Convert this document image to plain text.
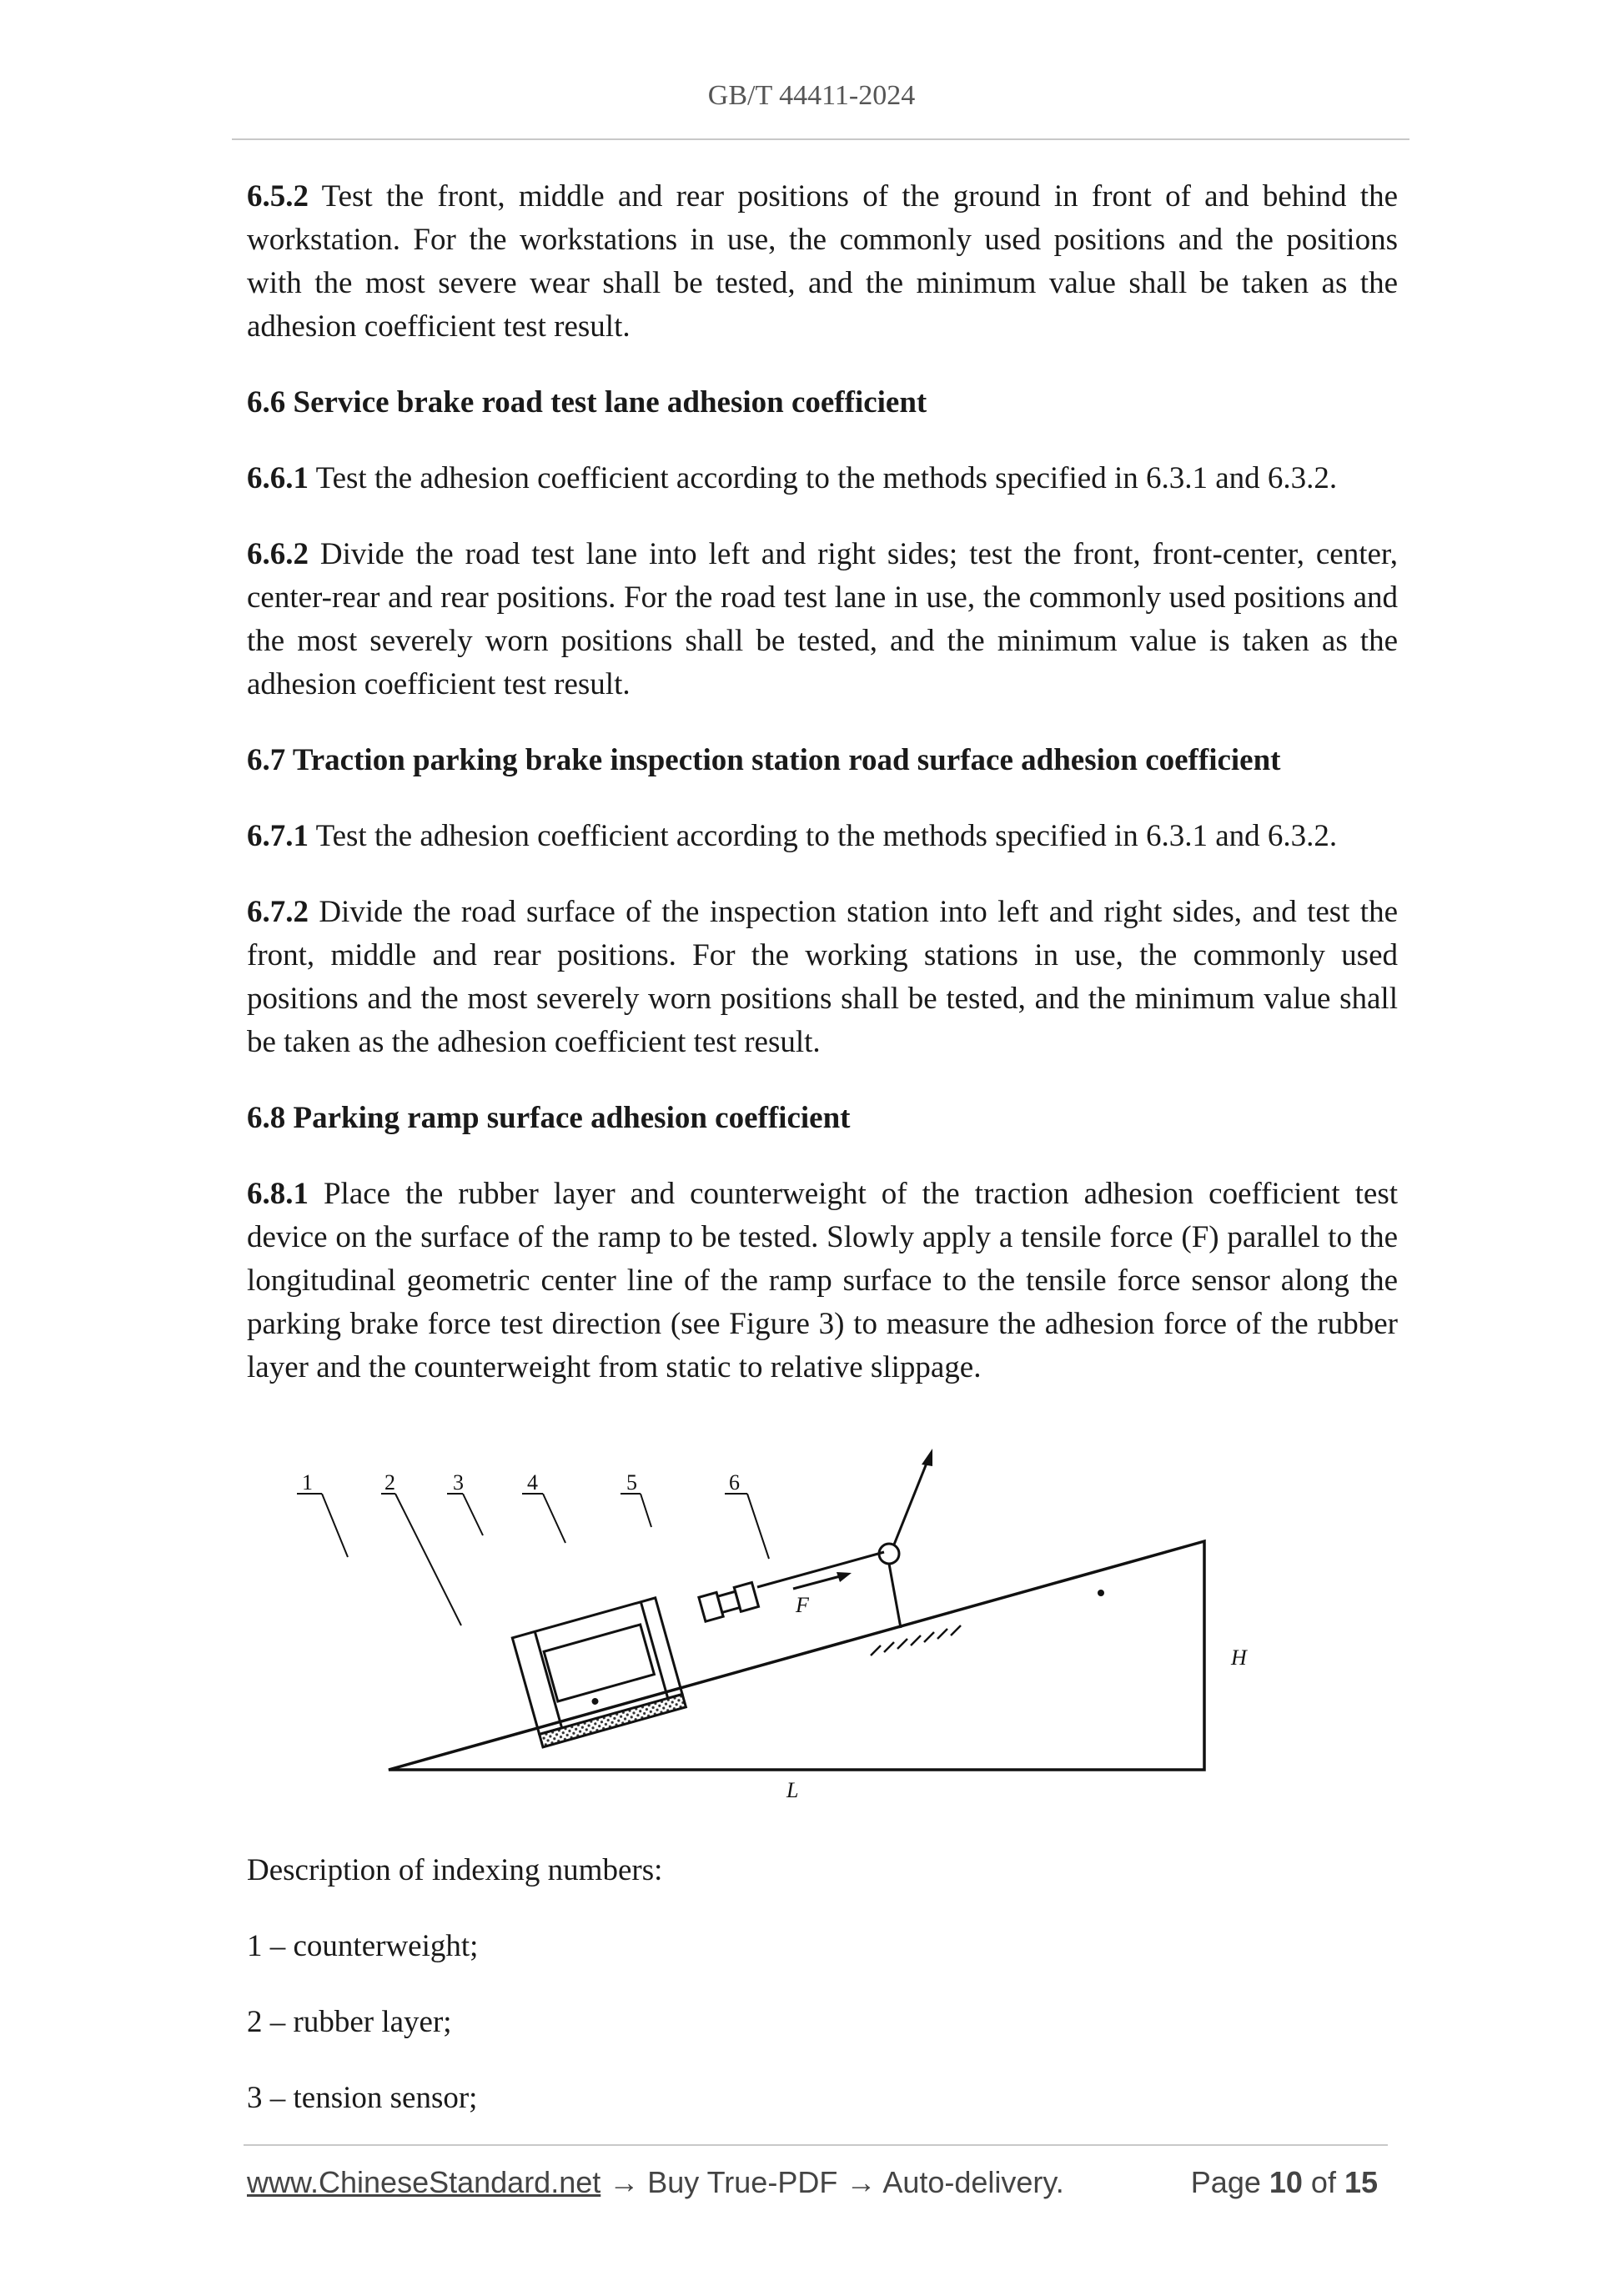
GB/T 44411-2024

6.5.2 Test the front, middle and rear positions of the ground in front of and behind the workstation. For the workstations in use, the commonly used positions and the positions with the most severe wear shall be tested, and the minimum value shall be taken as the adhesion coefficient test result.

6.6 Service brake road test lane adhesion coefficient

6.6.1 Test the adhesion coefficient according to the methods specified in 6.3.1 and 6.3.2.

6.6.2 Divide the road test lane into left and right sides; test the front, front-center, center, center-rear and rear positions. For the road test lane in use, the commonly used positions and the most severely worn positions shall be tested, and the minimum value is taken as the adhesion coefficient test result.

6.7 Traction parking brake inspection station road surface adhesion coefficient

6.7.1 Test the adhesion coefficient according to the methods specified in 6.3.1 and 6.3.2.

6.7.2 Divide the road surface of the inspection station into left and right sides, and test the front, middle and rear positions. For the working stations in use, the commonly used positions and the most severely worn positions shall be tested, and the minimum value shall be taken as the adhesion coefficient test result.

6.8 Parking ramp surface adhesion coefficient

6.8.1 Place the rubber layer and counterweight of the traction adhesion coefficient test device on the surface of the ramp to be tested. Slowly apply a tensile force (F) parallel to the longitudinal geometric center line of the ramp surface to the tensile force sensor along the parking brake force test direction (see Figure 3) to measure the adhesion force of the rubber layer and the counterweight from static to relative slippage.

1	2	3	4	5	6
F
H
L
Description of indexing numbers:
1 – counterweight;
2 – rubber layer;
3 – tension sensor;
www.ChineseStandard.net → Buy True-PDF → Auto-delivery.	Page 10 of 15
